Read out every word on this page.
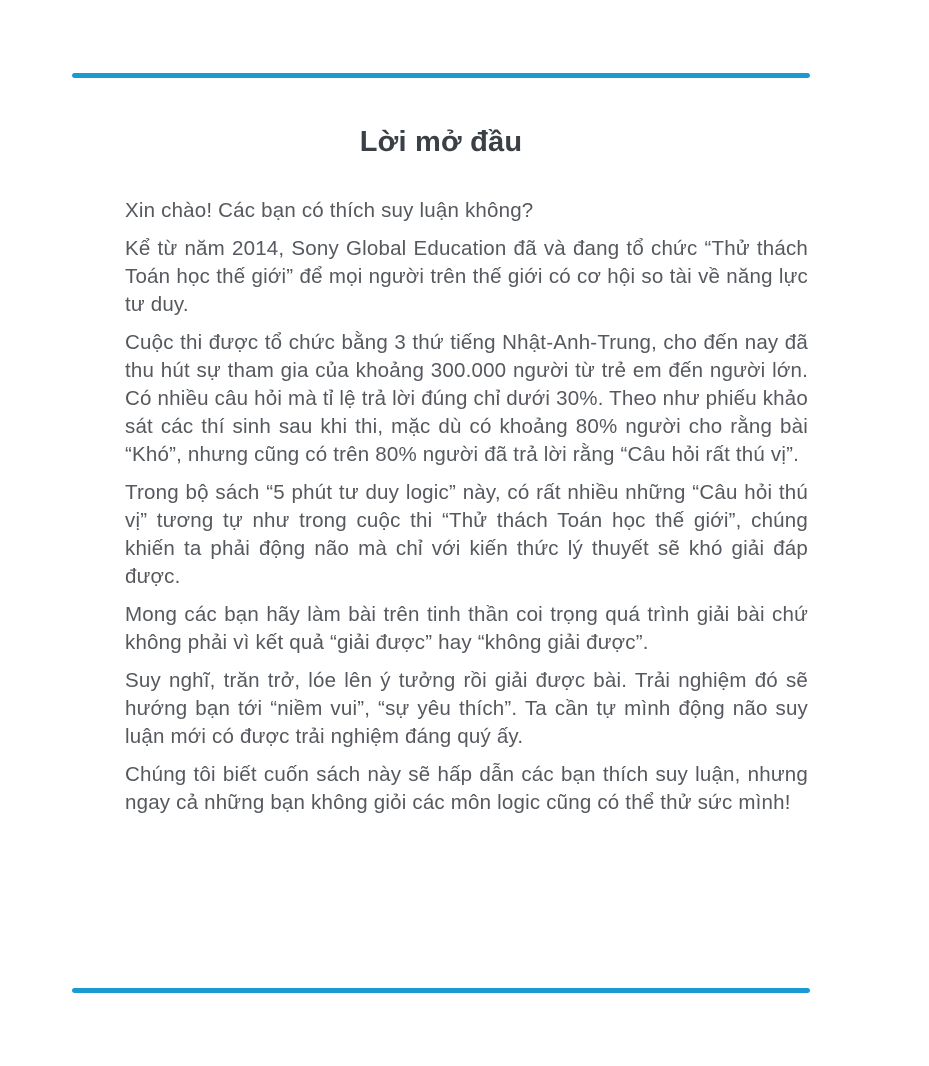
Lời mở đầu

Xin chào! Các bạn có thích suy luận không?

Kể từ năm 2014, Sony Global Education đã và đang tổ chức “Thử thách Toán học thế giới” để mọi người trên thế giới có cơ hội so tài về năng lực tư duy.

Cuộc thi được tổ chức bằng 3 thứ tiếng Nhật-Anh-Trung, cho đến nay đã thu hút sự tham gia của khoảng 300.000 người từ trẻ em đến người lớn. Có nhiều câu hỏi mà tỉ lệ trả lời đúng chỉ dưới 30%. Theo như phiếu khảo sát các thí sinh sau khi thi, mặc dù có khoảng 80% người cho rằng bài “Khó”, nhưng cũng có trên 80% người đã trả lời rằng “Câu hỏi rất thú vị”.

Trong bộ sách “5 phút tư duy logic” này, có rất nhiều những “Câu hỏi thú vị” tương tự như trong cuộc thi “Thử thách Toán học thế giới”, chúng khiến ta phải động não mà chỉ với kiến thức lý thuyết sẽ khó giải đáp được.

Mong các bạn hãy làm bài trên tinh thần coi trọng quá trình giải bài chứ không phải vì kết quả “giải được” hay “không giải được”.

Suy nghĩ, trăn trở, lóe lên ý tưởng rồi giải được bài. Trải nghiệm đó sẽ hướng bạn tới “niềm vui”, “sự yêu thích”. Ta cần tự mình động não suy luận mới có được trải nghiệm đáng quý ấy.

Chúng tôi biết cuốn sách này sẽ hấp dẫn các bạn thích suy luận, nhưng ngay cả những bạn không giỏi các môn logic cũng có thể thử sức mình!
